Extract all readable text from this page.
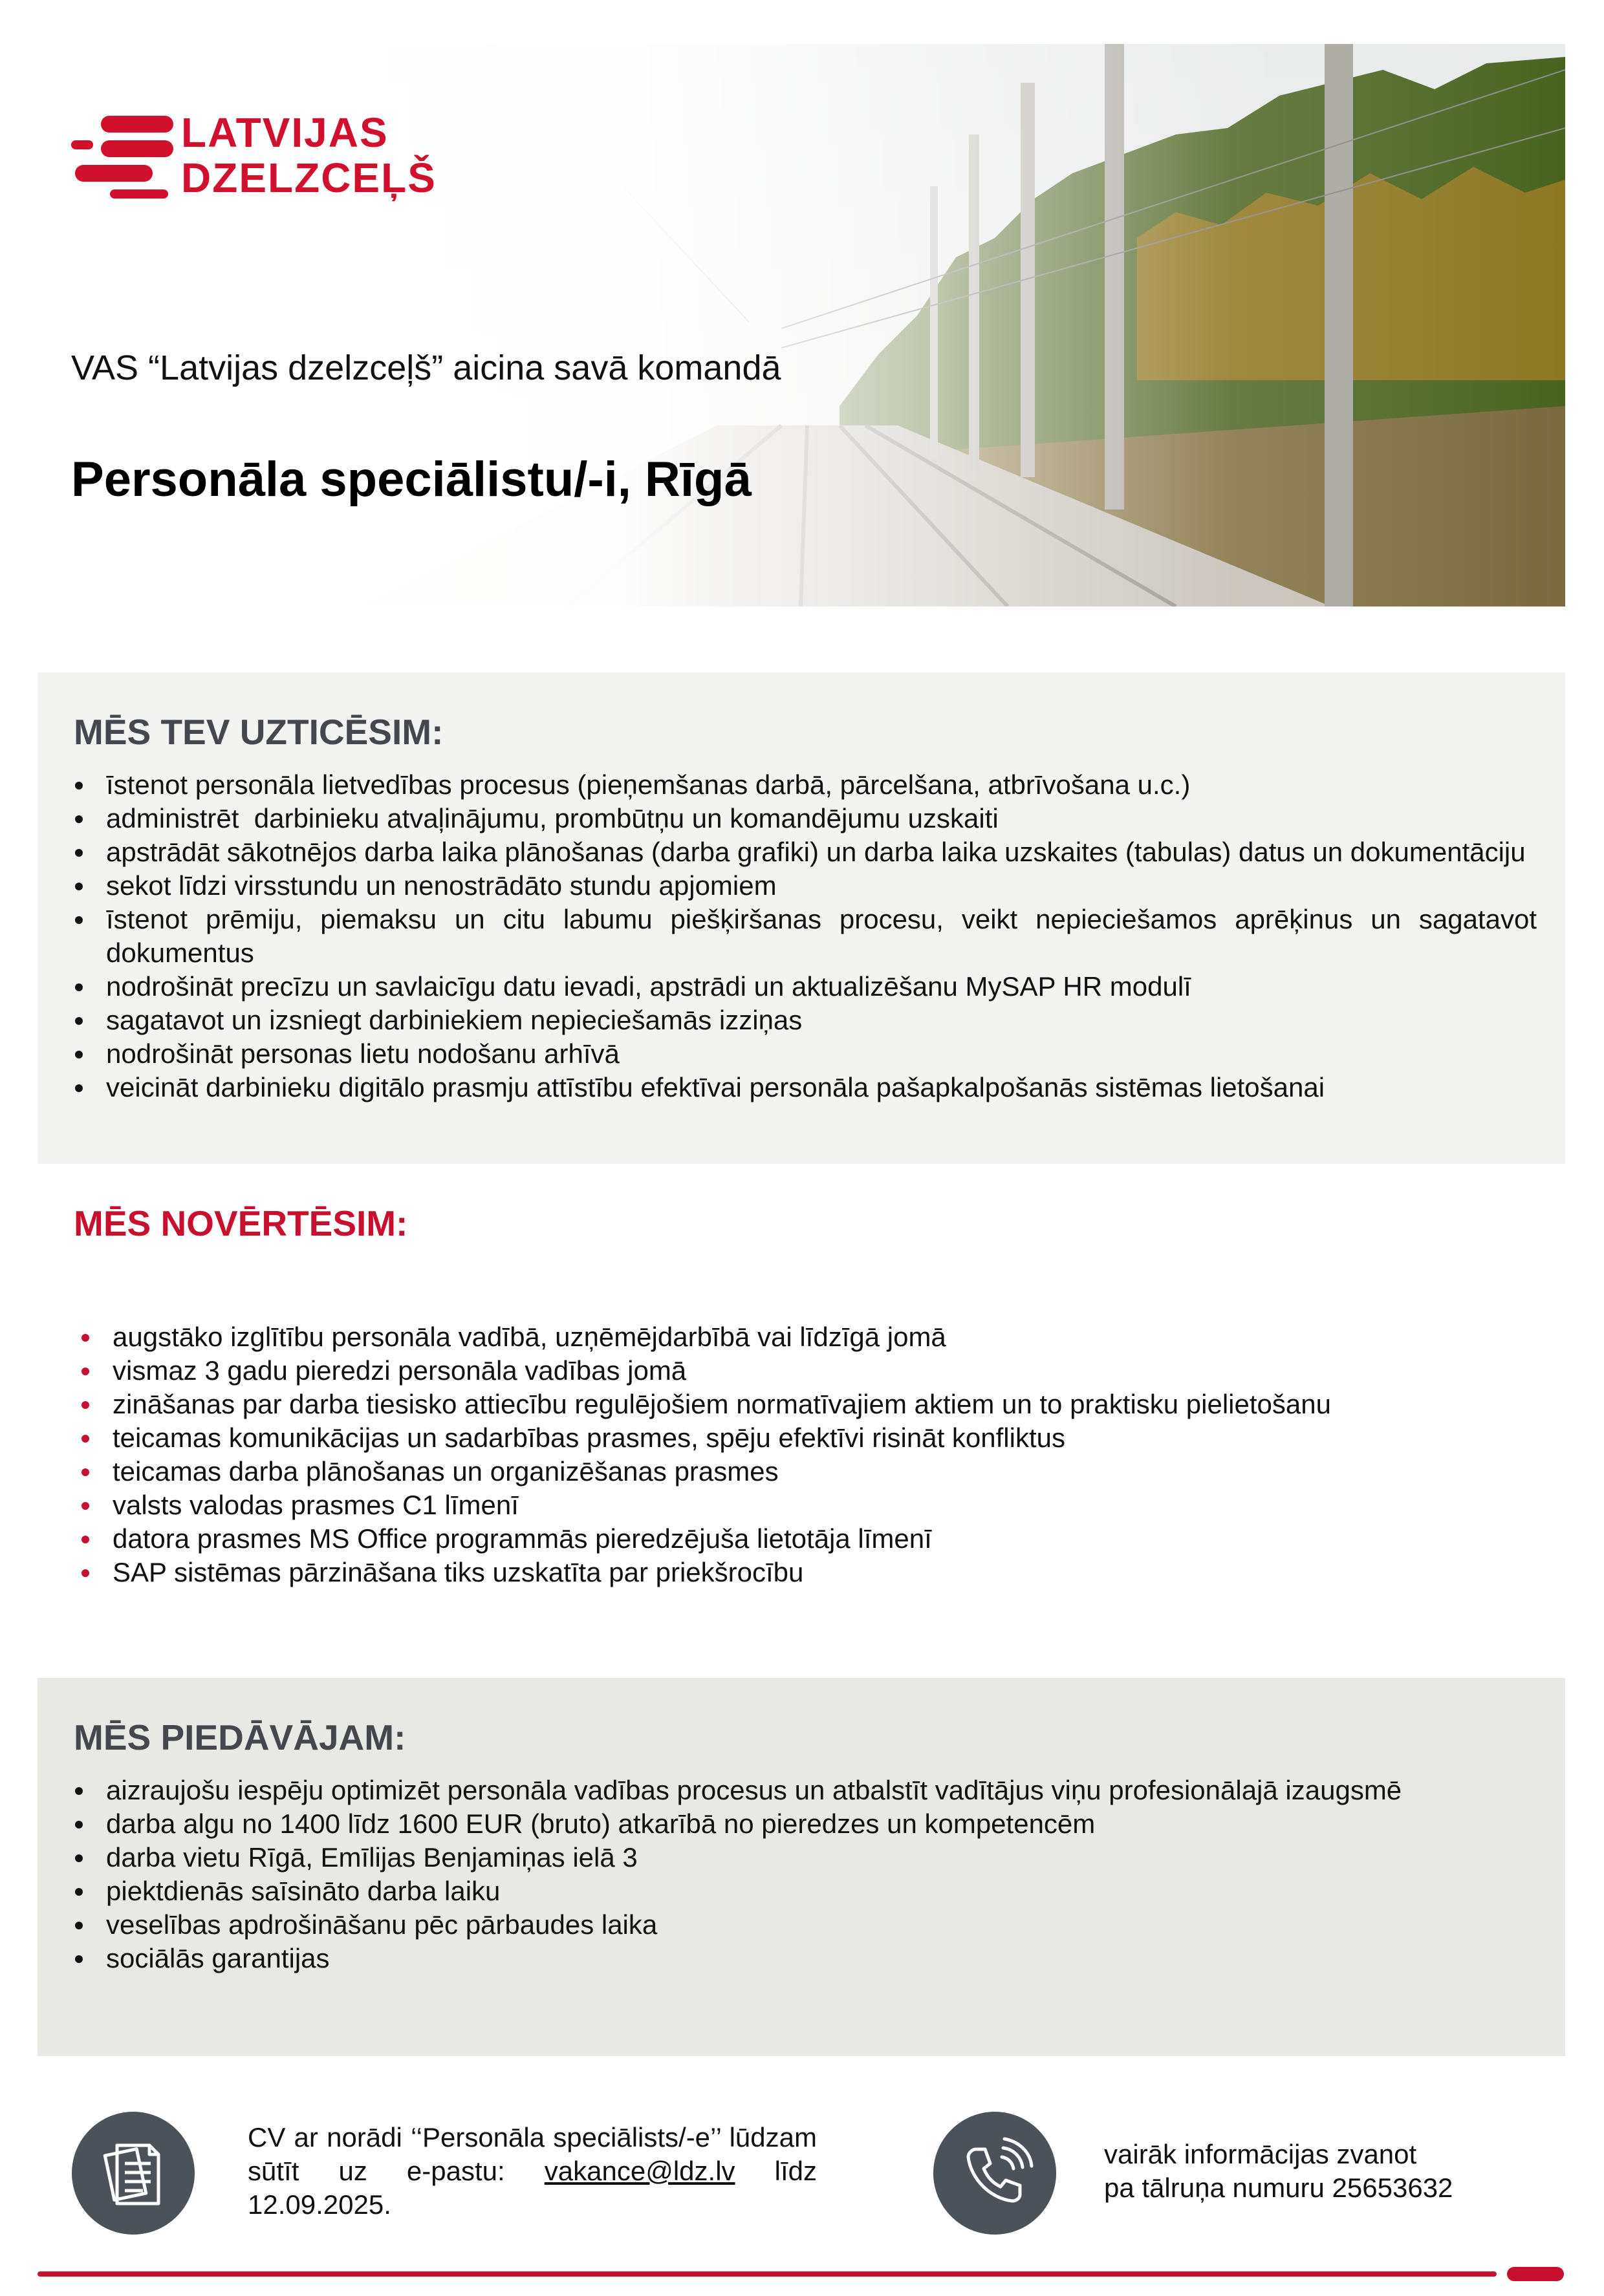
LATVIJAS
DZELZCEĻŠ
VAS “Latvijas dzelzceļš” aicina savā komandā
Personāla speciālistu/-i, Rīgā
MĒS TEV UZTICĒSIM:
īstenot personāla lietvedības procesus (pieņemšanas darbā, pārcelšana, atbrīvošana u.c.)
administrēt  darbinieku atvaļinājumu, prombūtņu un komandējumu uzskaiti
apstrādāt sākotnējos darba laika plānošanas (darba grafiki) un darba laika uzskaites (tabulas) datus un dokumentāciju
sekot līdzi virsstundu un nenostrādāto stundu apjomiem
īstenot prēmiju, piemaksu un citu labumu piešķiršanas procesu, veikt nepieciešamos aprēķinus un sagatavot dokumentus
nodrošināt precīzu un savlaicīgu datu ievadi, apstrādi un aktualizēšanu MySAP HR modulī
sagatavot un izsniegt darbiniekiem nepieciešamās izziņas
nodrošināt personas lietu nodošanu arhīvā
veicināt darbinieku digitālo prasmju attīstību efektīvai personāla pašapkalpošanās sistēmas lietošanai
MĒS NOVĒRTĒSIM:
augstāko izglītību personāla vadībā, uzņēmējdarbībā vai līdzīgā jomā
vismaz 3 gadu pieredzi personāla vadības jomā
zināšanas par darba tiesisko attiecību regulējošiem normatīvajiem aktiem un to praktisku pielietošanu
teicamas komunikācijas un sadarbības prasmes, spēju efektīvi risināt konfliktus
teicamas darba plānošanas un organizēšanas prasmes
valsts valodas prasmes C1 līmenī
datora prasmes MS Office programmās pieredzējuša lietotāja līmenī
SAP sistēmas pārzināšana tiks uzskatīta par priekšrocību
MĒS PIEDĀVĀJAM:
aizraujošu iespēju optimizēt personāla vadības procesus un atbalstīt vadītājus viņu profesionālajā izaugsmē
darba algu no 1400 līdz 1600 EUR (bruto) atkarībā no pieredzes un kompetencēm
darba vietu Rīgā, Emīlijas Benjamiņas ielā 3
piektdienās saīsināto darba laiku
veselības apdrošināšanu pēc pārbaudes laika
sociālās garantijas
CV ar norādi ‘‘Personāla speciālists/-e’’ lūdzam sūtīt uz e-pastu: vakance@ldz.lv līdz 12.09.2025.
vairāk informācijas zvanot
pa tālruņa numuru 25653632
